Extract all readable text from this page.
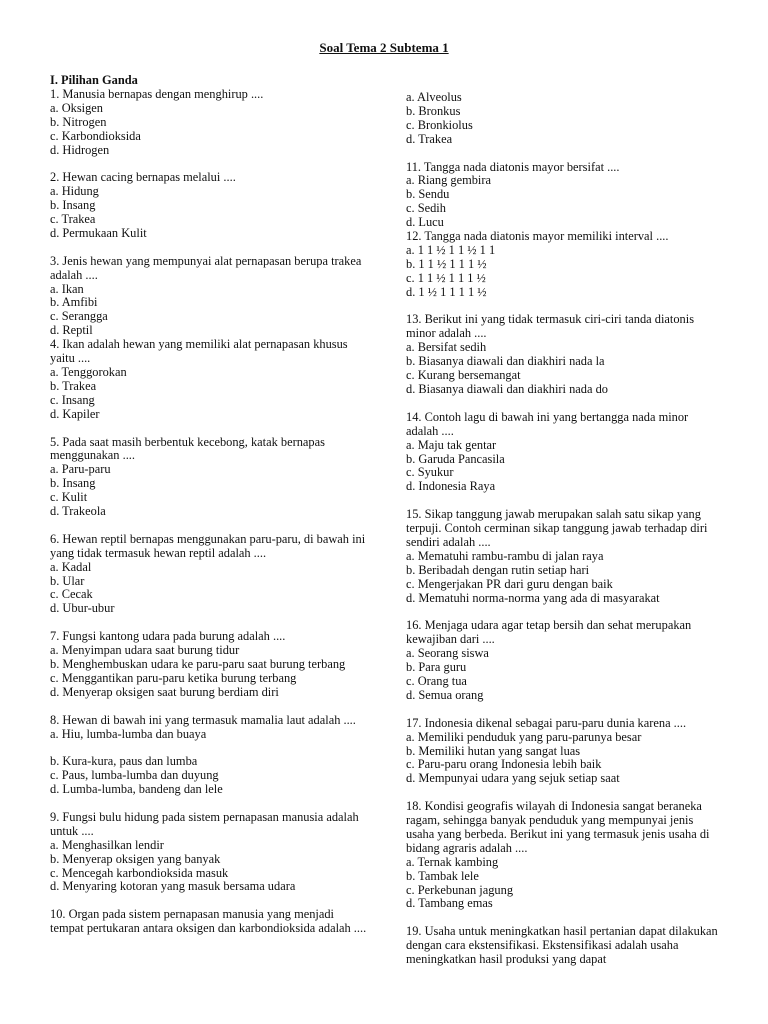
Soal Tema 2 Subtema 1
I. Pilihan Ganda

1. Manusia bernapas dengan menghirup ....

a. Oksigen
b. Nitrogen
c. Karbondioksida
d. Hidrogen

2. Hewan cacing bernapas melalui ....

a. Hidung
b. Insang
c. Trakea
d. Permukaan Kulit

3. Jenis hewan yang mempunyai alat pernapasan berupa trakea adalah ....

a. Ikan
b. Amfibi
c. Serangga
d. Reptil

4. Ikan adalah hewan yang memiliki alat pernapasan khusus yaitu ....

a. Tenggorokan
b. Trakea
c. Insang
d. Kapiler

5. Pada saat masih berbentuk kecebong, katak bernapas menggunakan ....

a. Paru-paru
b. Insang
c. Kulit
d. Trakeola

6. Hewan reptil bernapas menggunakan paru-paru, di bawah ini yang tidak termasuk hewan reptil adalah ....

a. Kadal
b. Ular
c. Cecak
d. Ubur-ubur

7. Fungsi kantong udara pada burung adalah ....

a. Menyimpan udara saat burung tidur
b. Menghembuskan udara ke paru-paru saat burung terbang
c. Menggantikan paru-paru ketika burung terbang
d. Menyerap oksigen saat burung berdiam diri

8. Hewan di bawah ini yang termasuk mamalia laut adalah ....

a. Hiu, lumba-lumba dan buaya
b. Kura-kura, paus dan lumba
c. Paus, lumba-lumba dan duyung
d. Lumba-lumba, bandeng dan lele

9. Fungsi bulu hidung pada sistem pernapasan manusia adalah untuk ....

a. Menghasilkan lendir
b. Menyerap oksigen yang banyak
c. Mencegah karbondioksida masuk
d. Menyaring kotoran yang masuk bersama udara

10. Organ pada sistem pernapasan manusia yang menjadi tempat pertukaran antara oksigen dan karbondioksida adalah ....

a. Alveolus
b. Bronkus
c. Bronkiolus
d. Trakea

11. Tangga nada diatonis mayor bersifat ....

a. Riang gembira
b. Sendu
c. Sedih
d. Lucu

12. Tangga nada diatonis mayor memiliki interval ....

a. 1 1 ½ 1 1 ½ 1 1
b. 1 1 ½ 1 1 1 ½
c. 1 1 ½ 1 1 1 ½
d. 1 ½ 1 1 1 1 ½

13. Berikut ini yang tidak termasuk ciri-ciri tanda diatonis minor adalah ....

a. Bersifat sedih
b. Biasanya diawali dan diakhiri nada la
c. Kurang bersemangat
d. Biasanya diawali dan diakhiri nada do

14. Contoh lagu di bawah ini yang bertangga nada minor adalah ....

a. Maju tak gentar
b. Garuda Pancasila
c. Syukur
d. Indonesia Raya

15. Sikap tanggung jawab merupakan salah satu sikap yang terpuji. Contoh cerminan sikap tanggung jawab terhadap diri sendiri adalah ....

a. Mematuhi rambu-rambu di jalan raya
b. Beribadah dengan rutin setiap hari
c. Mengerjakan PR dari guru dengan baik
d. Mematuhi norma-norma yang ada di masyarakat

16. Menjaga udara agar tetap bersih dan sehat merupakan kewajiban dari ....

a. Seorang siswa
b. Para guru
c. Orang tua
d. Semua orang

17. Indonesia dikenal sebagai paru-paru dunia karena ....

a. Memiliki penduduk yang paru-parunya besar
b. Memiliki hutan yang sangat luas
c. Paru-paru orang Indonesia lebih baik
d. Mempunyai udara yang sejuk setiap saat

18. Kondisi geografis wilayah di Indonesia sangat beraneka ragam, sehingga banyak penduduk yang mempunyai jenis usaha yang berbeda. Berikut ini yang termasuk jenis usaha di bidang agraris adalah ....

a. Ternak kambing
b. Tambak lele
c. Perkebunan jagung
d. Tambang emas

19. Usaha untuk meningkatkan hasil pertanian dapat dilakukan dengan cara ekstensifikasi. Ekstensifikasi adalah usaha meningkatkan hasil produksi yang dapat
